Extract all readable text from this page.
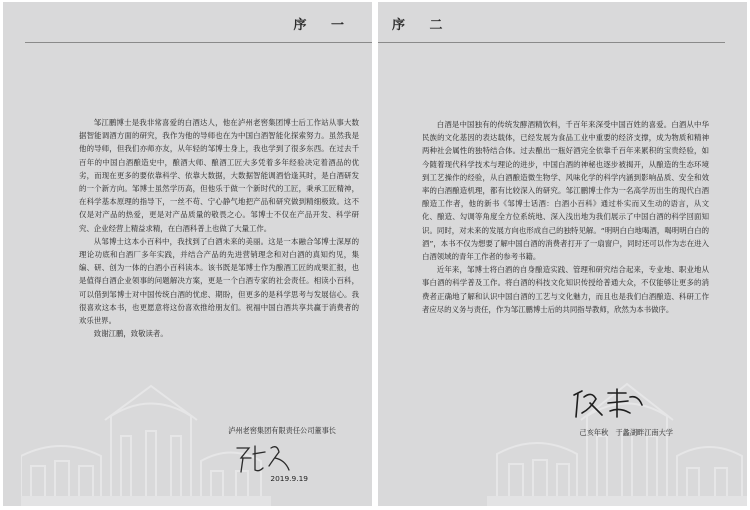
序 一

邹江鹏博士是我非常喜爱的白酒达人，他在泸州老窖集团博士后工作站从事大数据智能调酒方面的研究，我作为他的导师也在为中国白酒智能化探索努力。虽然我是他的导师，但我们亦师亦友，从年轻的邹博士身上，我也学到了很多东西。在过去千百年的中国白酒酿造史中，酿酒大师、酿酒工匠大多凭着多年经验决定着酒品的优劣，而现在更多的要依靠科学、依靠大数据，大数据智能调酒恰逢其时，是白酒研发的一个新方向。邹博士虽然学历高，但他乐于做一个新时代的工匠，秉承工匠精神，在科学基本原理的指导下，一丝不苟、宁心静气地把产品和研究做到精细极致。这不仅是对产品的热爱，更是对产品质量的敬畏之心。邹博士不仅在产品开发、科学研究、企业经营上精益求精，在白酒科普上也做了大量工作。

从邹博士这本小百科中，我找到了白酒未来的美丽。这是一本融合邹博士深厚的理论功底和白酒厂多年实践，并结合产品的先进营销理念和对白酒的真知灼见，集编、研、创为一体的白酒小百科读本。该书既是邹博士作为酿酒工匠的成果汇报，也是值得白酒企业领事的问题解决方案，更是一个白酒专家的社会责任。相读小百科，可以借到邹博士对中国传统白酒的忧虑、期盼，但更多的是科学思考与发展信心。我很喜欢这本书，也更愿意将这份喜欢推给朋友们。祝福中国白酒共享共赢于消费者的欢乐世界。

致谢江鹏，致敬读者。

泸州老窖集团有限责任公司董事长
2019.9.19
序 二

白酒是中国独有的传统发酵酒精饮料，千百年来深受中国百姓的喜爱。白酒从中华民族的文化基因的表达载体，已经发展为食品工业中重要的经济支撑，成为物质和精神两种社会属性的独特结合体。过去酿出一瓶好酒完全依靠千百年来累积的宝贵经验，如今随着现代科学技术与理论的进步，中国白酒的神秘也逐步被揭开，从酿造的生态环境到工艺操作的经验，从白酒酿造微生物学、风味化学的科学内涵到影响品质、安全和效率的白酒酿造机理，都有比较深入的研究。邹江鹏博士作为一名高学历出生的现代白酒酿造工作者，他的新书《邹博士话酒：白酒小百科》通过朴实而又生动的语言，从文化、酿造、勾调等角度全方位系统地、深入浅出地为我们展示了中国白酒的科学回面知识。同时，对未来的发展方向也形成自己的独特见解。“明明白白地喝酒，喝明明白白的酒”，本书不仅为想要了解中国白酒的消费者打开了一扇窗户，同时还可以作为志在进入白酒领域的青年工作者的参考书籍。

近年来，邹博士将白酒的自身酿造实践、管理和研究结合起来，专业地、职业地从事白酒的科学普及工作。将白酒的科技文化知识传授给普通大众，不仅能够让更多的消费者正确地了解和认识中国白酒的工艺与文化魅力，而且也是我们白酒酿造、科研工作者应尽的义务与责任，作为邹江鹏博士后的共同指导教师，欣然为本书做序。

己亥年秋　于蠡湖畔江南大学
